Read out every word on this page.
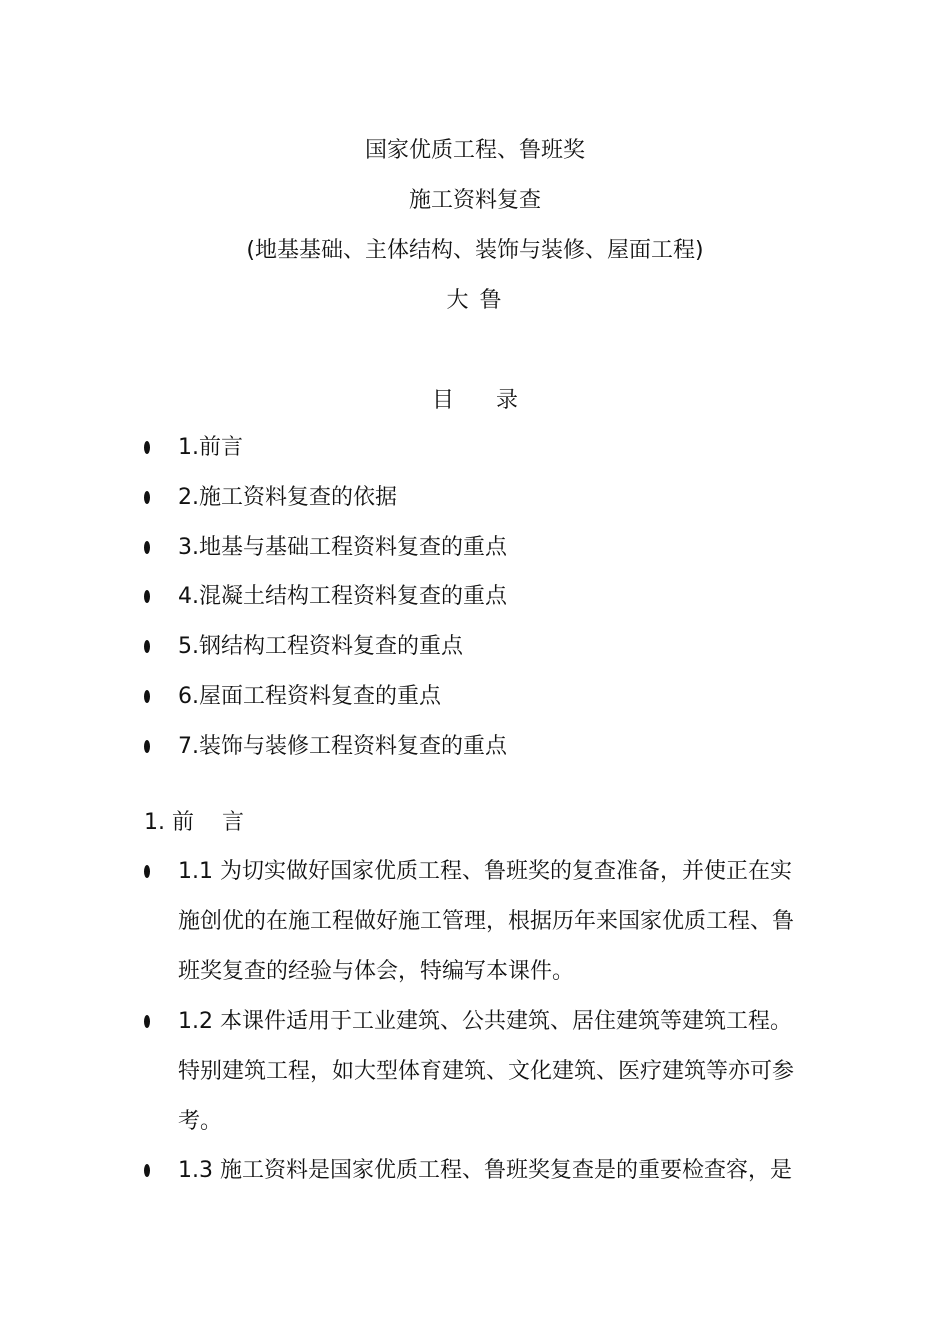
国家优质工程、鲁班奖
施工资料复查
(地基基础、主体结构、装饰与装修、屋面工程)
大 鲁
目      录
1.前言
2.施工资料复查的依据
3.地基与基础工程资料复查的重点
4.混凝土结构工程资料复查的重点
5.钢结构工程资料复查的重点
6.屋面工程资料复查的重点
7.装饰与装修工程资料复查的重点
1. 前    言
1.1 为切实做好国家优质工程、鲁班奖的复查准备，并使正在实
施创优的在施工程做好施工管理，根据历年来国家优质工程、鲁
班奖复查的经验与体会，特编写本课件。
1.2 本课件适用于工业建筑、公共建筑、居住建筑等建筑工程。
特别建筑工程，如大型体育建筑、文化建筑、医疗建筑等亦可参
考。
1.3 施工资料是国家优质工程、鲁班奖复查是的重要检查容，是
